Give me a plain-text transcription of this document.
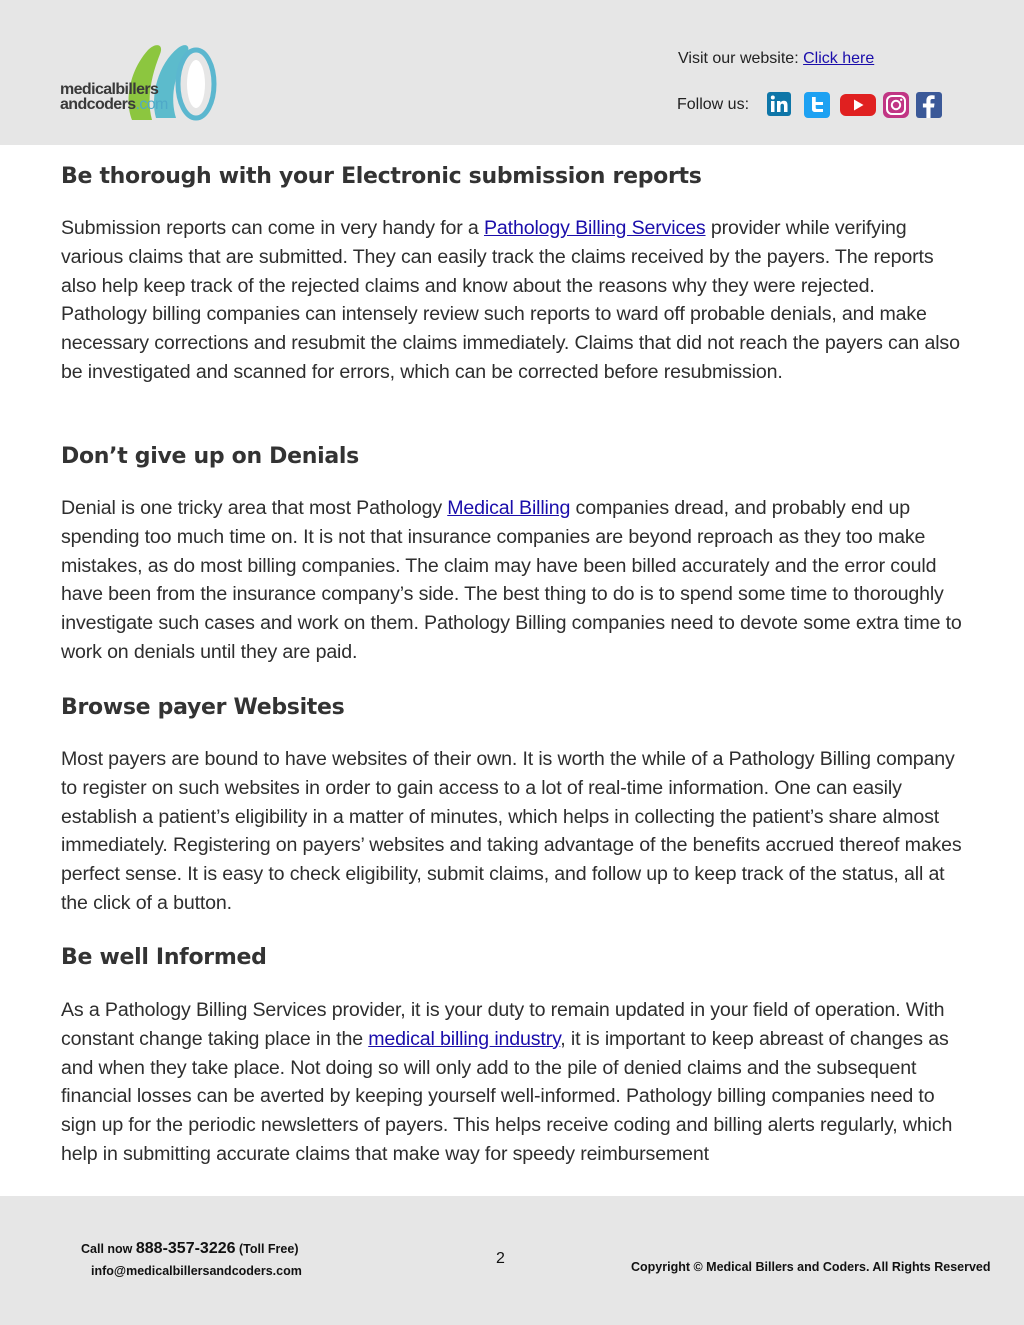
medicalbillers
andcoders.com
Visit our website: Click here
Follow us:
Be thorough with your Electronic submission reports

Submission reports can come in very handy for a Pathology Billing Services provider while verifying various claims that are submitted. They can easily track the claims received by the payers. The reports also help keep track of the rejected claims and know about the reasons why they were rejected. Pathology billing companies can intensely review such reports to ward off probable denials, and make necessary corrections and resubmit the claims immediately. Claims that did not reach the payers can also be investigated and scanned for errors, which can be corrected before resubmission.

Don’t give up on Denials

Denial is one tricky area that most Pathology Medical Billing companies dread, and probably end up spending too much time on. It is not that insurance companies are beyond reproach as they too make mistakes, as do most billing companies. The claim may have been billed accurately and the error could have been from the insurance company’s side. The best thing to do is to spend some time to thoroughly investigate such cases and work on them. Pathology Billing companies need to devote some extra time to work on denials until they are paid.

Browse payer Websites

Most payers are bound to have websites of their own. It is worth the while of a Pathology Billing company to register on such websites in order to gain access to a lot of real-time information. One can easily establish a patient’s eligibility in a matter of minutes, which helps in collecting the patient’s share almost immediately. Registering on payers’ websites and taking advantage of the benefits accrued thereof makes perfect sense. It is easy to check eligibility, submit claims, and follow up to keep track of the status, all at the click of a button.

Be well Informed

As a Pathology Billing Services provider, it is your duty to remain updated in your field of operation. With constant change taking place in the medical billing industry, it is important to keep abreast of changes as and when they take place. Not doing so will only add to the pile of denied claims and the subsequent financial losses can be averted by keeping yourself well-informed. Pathology billing companies need to sign up for the periodic newsletters of payers. This helps receive coding and billing alerts regularly, which help in submitting accurate claims that make way for speedy reimbursement

Call now 888-357-3226 (Toll Free)
info@medicalbillersandcoders.com
2	Copyright © Medical Billers and Coders. All Rights Reserved
